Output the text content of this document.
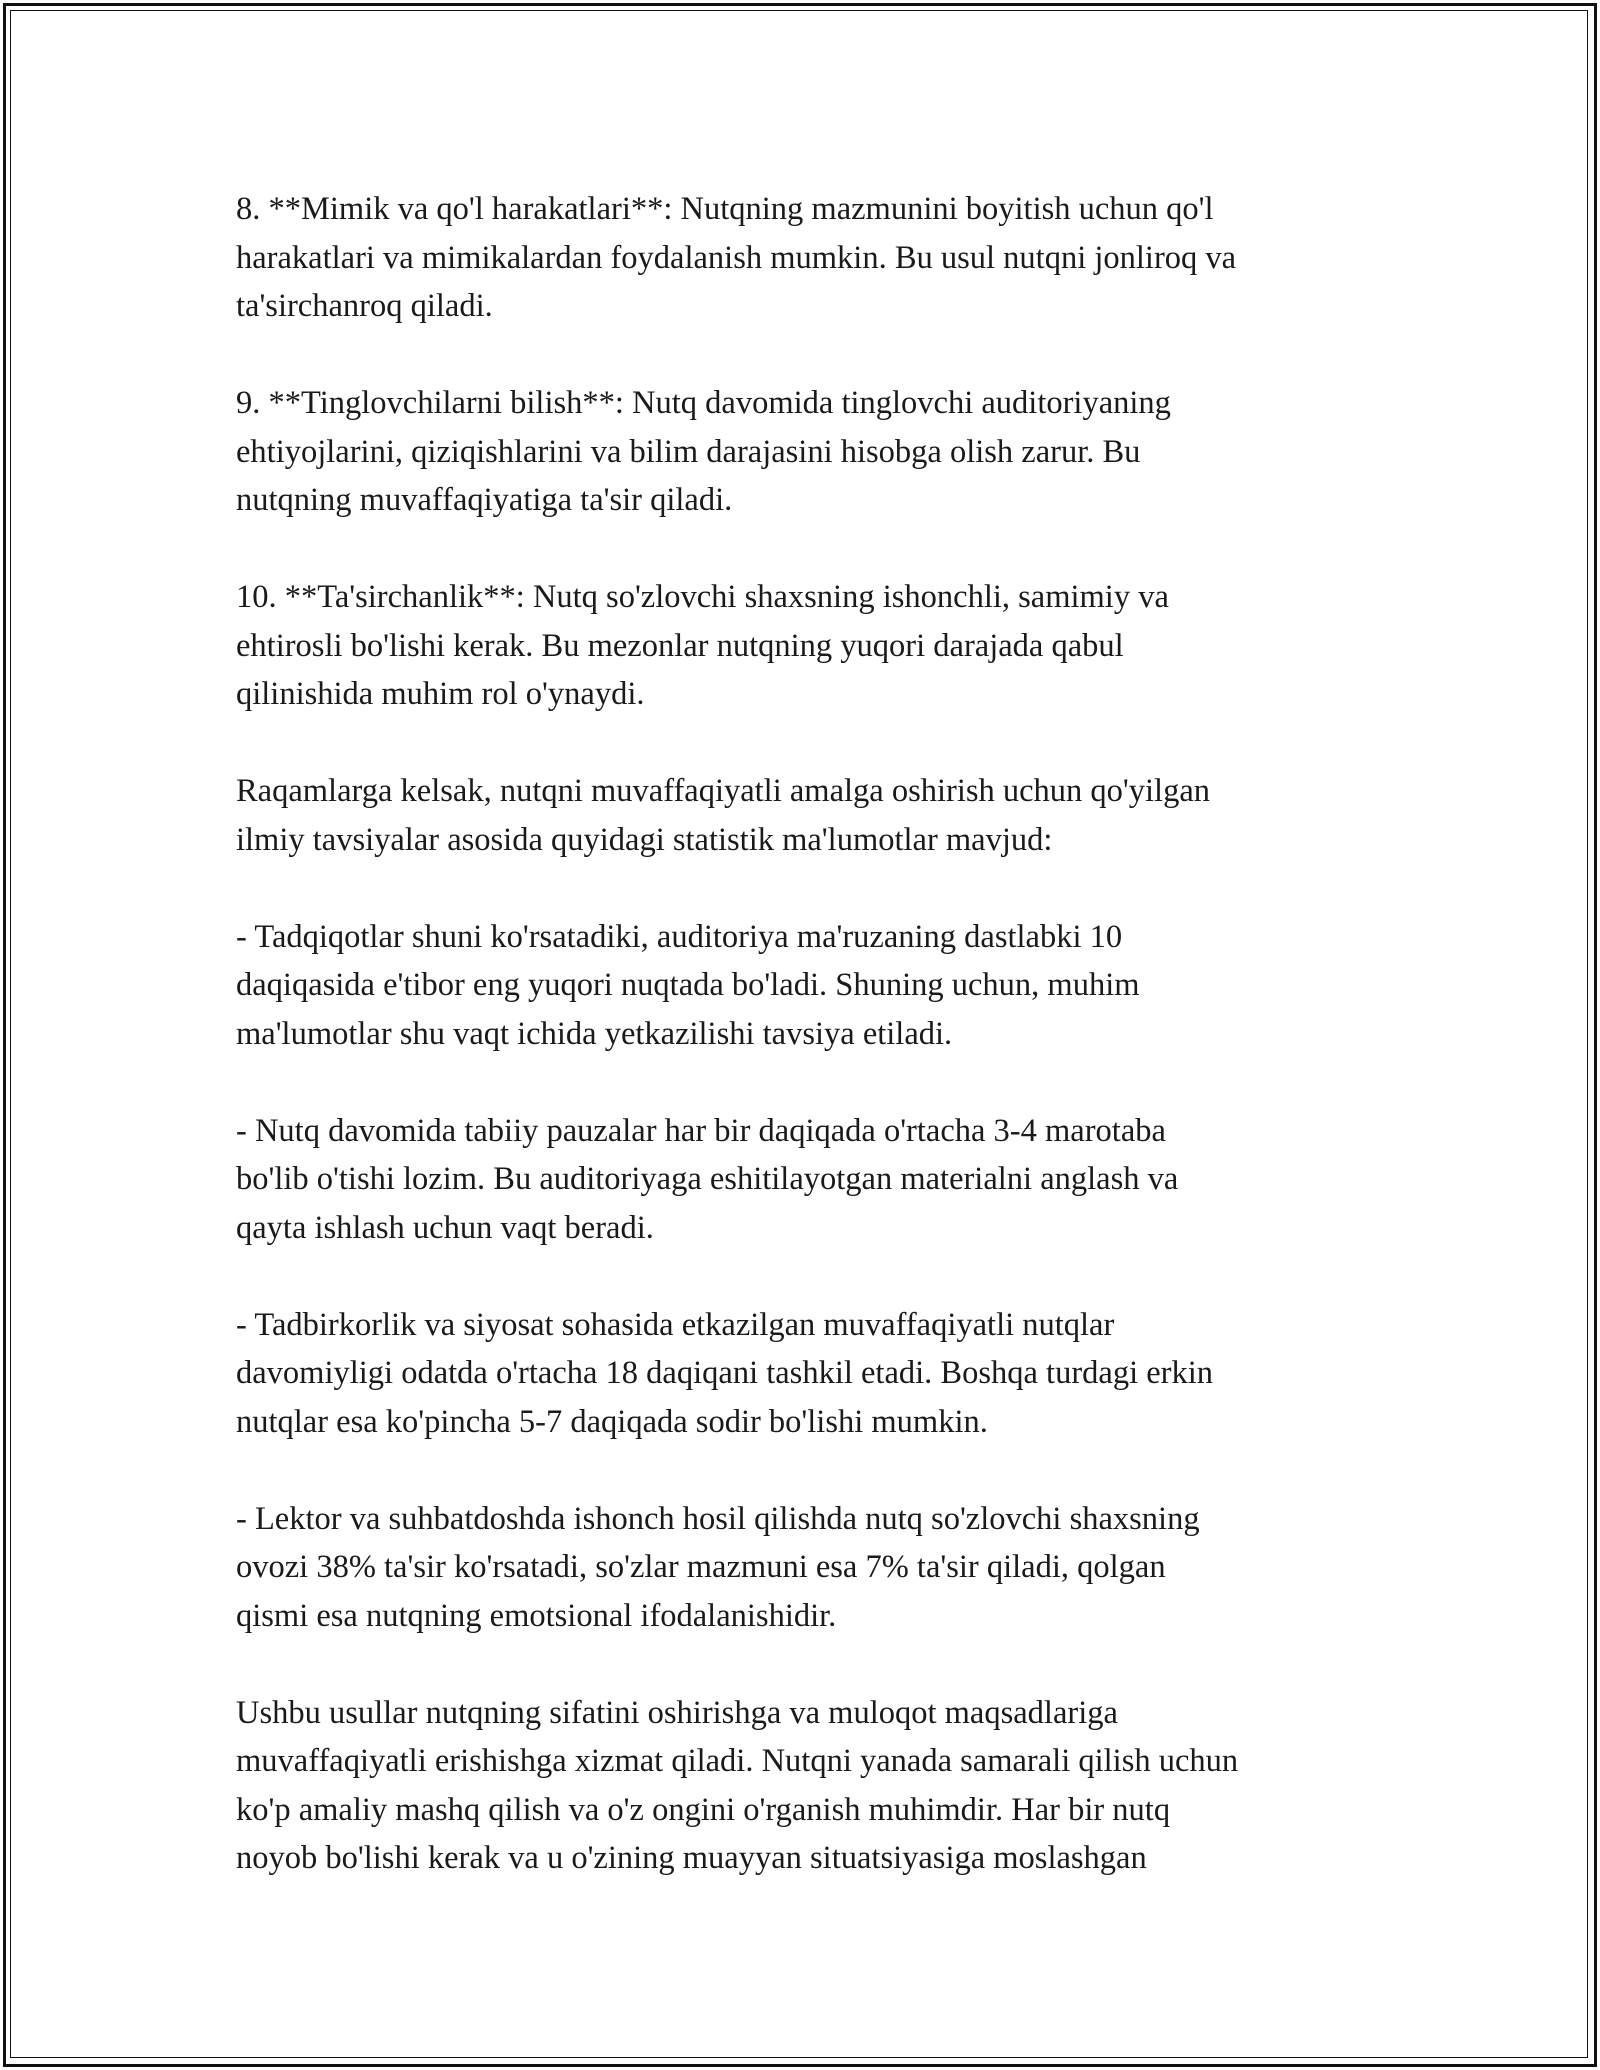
8. **Mimik va qo'l harakatlari**: Nutqning mazmunini boyitish uchun qo'l
harakatlari va mimikalardan foydalanish mumkin. Bu usul nutqni jonliroq va
ta'sirchanroq qiladi.

9. **Tinglovchilarni bilish**: Nutq davomida tinglovchi auditoriyaning
ehtiyojlarini, qiziqishlarini va bilim darajasini hisobga olish zarur. Bu
nutqning muvaffaqiyatiga ta'sir qiladi.

10. **Ta'sirchanlik**: Nutq so'zlovchi shaxsning ishonchli, samimiy va
ehtirosli bo'lishi kerak. Bu mezonlar nutqning yuqori darajada qabul
qilinishida muhim rol o'ynaydi.

Raqamlarga kelsak, nutqni muvaffaqiyatli amalga oshirish uchun qo'yilgan
ilmiy tavsiyalar asosida quyidagi statistik ma'lumotlar mavjud:

- Tadqiqotlar shuni ko'rsatadiki, auditoriya ma'ruzaning dastlabki 10
daqiqasida e'tibor eng yuqori nuqtada bo'ladi. Shuning uchun, muhim
ma'lumotlar shu vaqt ichida yetkazilishi tavsiya etiladi.

- Nutq davomida tabiiy pauzalar har bir daqiqada o'rtacha 3-4 marotaba
bo'lib o'tishi lozim. Bu auditoriyaga eshitilayotgan materialni anglash va
qayta ishlash uchun vaqt beradi.

- Tadbirkorlik va siyosat sohasida etkazilgan muvaffaqiyatli nutqlar
davomiyligi odatda o'rtacha 18 daqiqani tashkil etadi. Boshqa turdagi erkin
nutqlar esa ko'pincha 5-7 daqiqada sodir bo'lishi mumkin.

- Lektor va suhbatdoshda ishonch hosil qilishda nutq so'zlovchi shaxsning
ovozi 38% ta'sir ko'rsatadi, so'zlar mazmuni esa 7% ta'sir qiladi, qolgan
qismi esa nutqning emotsional ifodalanishidir.

Ushbu usullar nutqning sifatini oshirishga va muloqot maqsadlariga
muvaffaqiyatli erishishga xizmat qiladi. Nutqni yanada samarali qilish uchun
ko'p amaliy mashq qilish va o'z ongini o'rganish muhimdir. Har bir nutq
noyob bo'lishi kerak va u o'zining muayyan situatsiyasiga moslashgan
